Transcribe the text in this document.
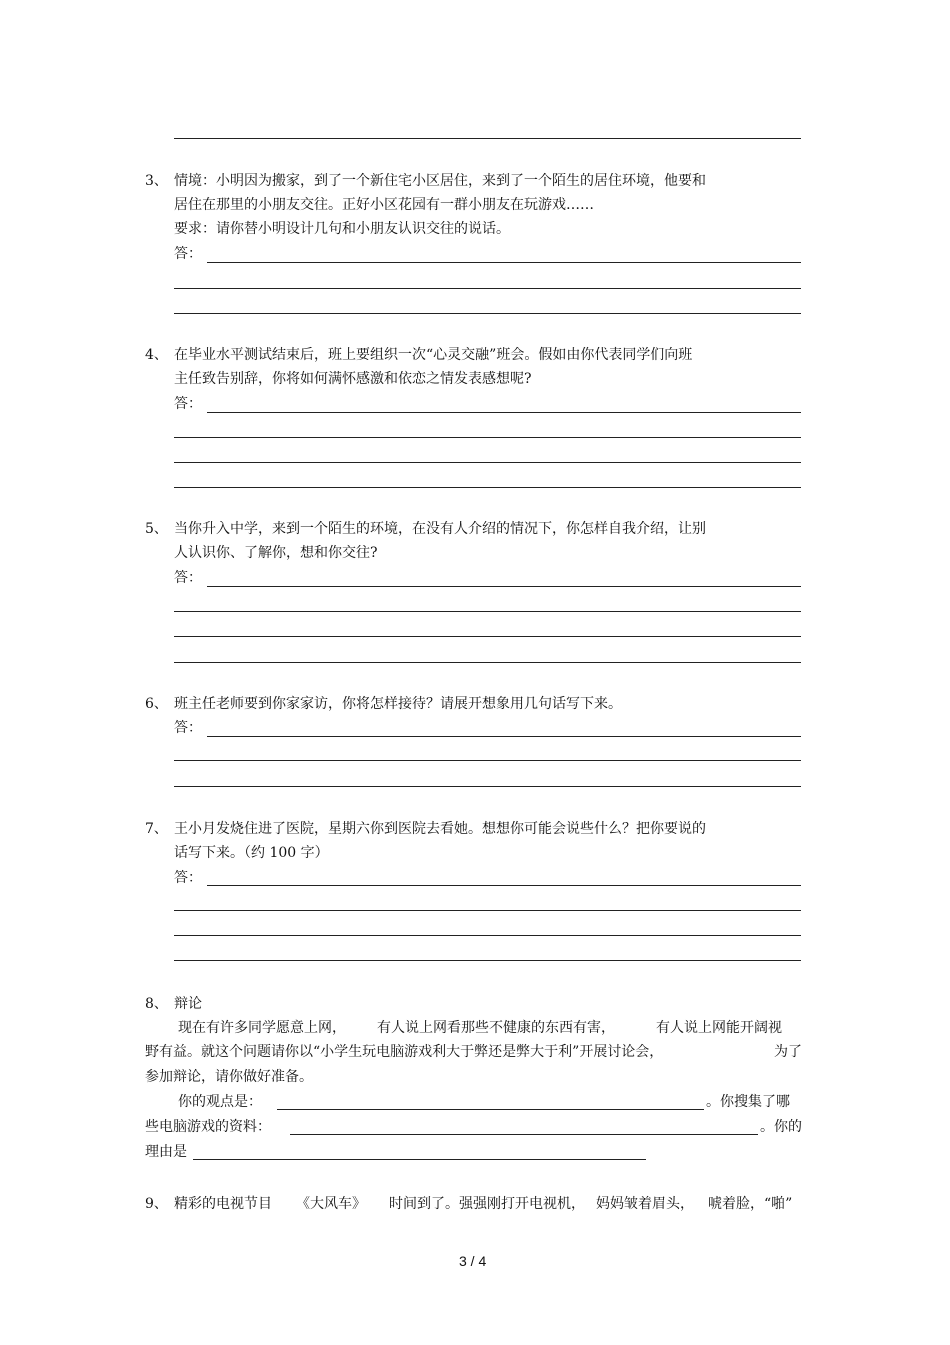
3、 情境：小明因为搬家，到了一个新住宅小区居住，来到了一个陌生的居住环境，他要和
居住在那里的小朋友交往。正好小区花园有一群小朋友在玩游戏……
要求：请你替小明设计几句和小朋友认识交往的说话。
答：
4、 在毕业水平测试结束后，班上要组织一次“心灵交融”班会。假如由你代表同学们向班
主任致告别辞，你将如何满怀感激和依恋之情发表感想呢?
答：
5、 当你升入中学，来到一个陌生的环境，在没有人介绍的情况下，你怎样自我介绍，让别
人认识你、了解你，想和你交往?
答：
6、 班主任老师要到你家家访，你将怎样接待？请展开想象用几句话写下来。
答：
7、 王小月发烧住进了医院，星期六你到医院去看她。想想你可能会说些什么？把你要说的
话写下来。（约 100 字）
答：
8、 辩论
现在有许多同学愿意上网， 有人说上网看那些不健康的东西有害，	有人说上网能开阔视
野有益。就这个问题请你以“小学生玩电脑游戏利大于弊还是弊大于利”开展讨论会，	为了
参加辩论，请你做好准备。
你的观点是：	。你搜集了哪
些电脑游戏的资料：	。你的
理由是
9、 精彩的电视节目 《大风车》 时间到了。强强刚打开电视机， 妈妈皱着眉头， 唬着脸，“啪”
3 / 4
